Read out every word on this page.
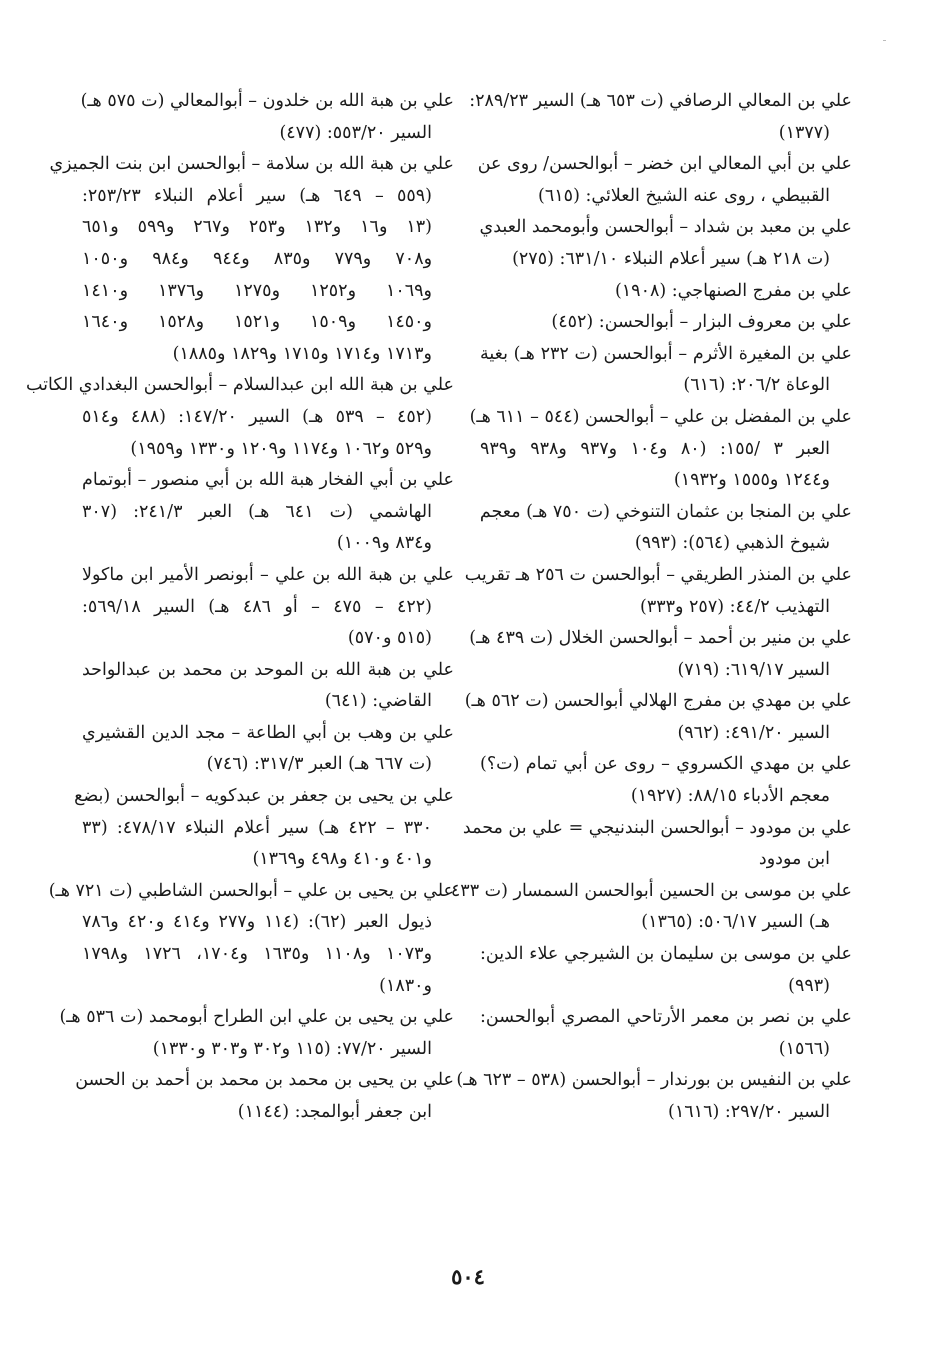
علي بن المعالي الرصافي (ت ٦٥٣ هـ) السير ٢٨٩/٢٣:
(١٣٧٧)
علي بن أبي المعالي ابن خضر – أبوالحسن/ روى عن
القبيطي ، روى عنه الشيخ العلائي: (٦١٥)
علي بن معبد بن شداد – أبوالحسن وأبومحمد العبدي
(ت ٢١٨ هـ) سير أعلام النبلاء ٦٣١/١٠: (٢٧٥)
علي بن مفرج الصنهاجي: (١٩٠٨)
علي بن معروف البزار – أبوالحسن: (٤٥٢)
علي بن المغيرة الأثرم – أبوالحسن (ت ٢٣٢ هـ) بغية
الوعاة ٢٠٦/٢: (٦١٦)
علي بن المفضل بن علي – أبوالحسن (٥٤٤ – ٦١١ هـ)
العبر ٣ /١٥٥: (٨٠ و١٠٤ و٩٣٧ و٩٣٨ و٩٣٩
و١٢٤٤ و١٥٥٥ و١٩٣٢)
علي بن المنجا بن عثمان التنوخي (ت ٧٥٠ هـ) معجم
شيوخ الذهبي (٥٦٤): (٩٩٣)
علي بن المنذر الطريقي – أبوالحسن ت ٢٥٦ هـ تقريب
التهذيب ٤٤/٢: (٢٥٧ و٣٣٣)
علي بن منير بن أحمد – أبوالحسن الخلال (ت ٤٣٩ هـ)
السير ٦١٩/١٧: (٧١٩)
علي بن مهدي بن مفرج الهلالي أبوالحسن (ت ٥٦٢ هـ)
السير ٤٩١/٢٠: (٩٦٢)
علي بن مهدي الكسروي – روى عن أبي تمام (ت؟)
معجم الأدباء ٨٨/١٥: (١٩٢٧)
علي بن مودود – أبوالحسن البندنيجي = علي بن محمد
ابن مودود
علي بن موسى بن الحسين أبوالحسن السمسار (ت ٤٣٣
هـ) السير ٥٠٦/١٧: (١٣٦٥)
علي بن موسى بن سليمان بن الشيرجي علاء الدين:
(٩٩٣)
علي بن نصر بن معمر الأرتاحي المصري أبوالحسن:
(١٥٦٦)
علي بن النفيس بن بورندار – أبوالحسن (٥٣٨ – ٦٢٣ هـ)
السير ٢٩٧/٢٠: (١٦١٦)
علي بن هبة الله بن خلدون – أبوالمعالي (ت ٥٧٥ هـ)
السير ٥٥٣/٢٠: (٤٧٧)
علي بن هبة الله بن سلامة – أبوالحسن ابن بنت الجميزي
(٥٥٩ – ٦٤٩ هـ) سير أعلام النبلاء ٢٥٣/٢٣:
(١٣ و١٦ و١٣٢ و٢٥٣ و٢٦٧ و٥٩٩ و٦٥١
و٧٠٨ و٧٧٩ و٨٣٥ و٩٤٤ و٩٨٤ و١٠٥٠
و١٠٦٩ و١٢٥٢ و١٢٧٥ و١٣٧٦ و١٤١٠
و١٤٥٠ و١٥٠٩ و١٥٢١ و١٥٢٨ و١٦٤٠
و١٧١٣ و١٧١٤ و١٧١٥ و١٨٢٩ و١٨٨٥)
علي بن هبة الله ابن عبدالسلام – أبوالحسن البغدادي الكاتب
(٤٥٢ – ٥٣٩ هـ) السير ١٤٧/٢٠: (٤٨٨ و٥١٤
و٥٢٩ و١٠٦٢ و١١٧٤ و١٢٠٩ و١٣٣٠ و١٩٥٩)
علي بن أبي الفخار هبة الله بن أبي منصور – أبوتمام
الهاشمي (ت ٦٤١ هـ) العبر ٢٤١/٣: (٣٠٧
و٨٣٤ و١٠٠٩)
علي بن هبة الله بن علي – أبونصر الأمير ابن ماكولا
(٤٢٢ – ٤٧٥ – أو ٤٨٦ هـ) السير ٥٦٩/١٨:
(٥١٥ و٥٧٠)
علي بن هبة الله بن الموحد بن محمد بن عبدالواحد
القاضي: (٦٤١)
علي بن وهب بن أبي الطاعة – مجد الدين القشيري
(ت ٦٦٧ هـ) العبر ٣١٧/٣: (٧٤٦)
علي بن يحيى بن جعفر بن عبدكويه – أبوالحسن (بضع
٣٣٠ – ٤٢٢ هـ) سير أعلام النبلاء ٤٧٨/١٧: (٣٣
و٤٠١ و٤١٠ و٤٩٨ و١٣٦٩)
علي بن يحيى بن علي – أبوالحسن الشاطبي (ت ٧٢١ هـ)
ذيول العبر (٦٢): (١١٤ و٢٧٧ و٤١٤ و٤٢٠ و٧٨٦
و١٠٧٣ و١١٠٨ و١٦٣٥ و١٧٠٤، ١٧٢٦ و١٧٩٨
و١٨٣٠)
علي بن يحيى بن علي ابن الطراح أبومحمد (ت ٥٣٦ هـ)
السير ٧٧/٢٠: (١١٥ و٣٠٢ و٣٠٣ و١٣٣٠)
علي بن يحيى بن محمد بن محمد بن أحمد بن الحسن
ابن جعفر أبوالمجد: (١١٤٤)
٥٠٤
